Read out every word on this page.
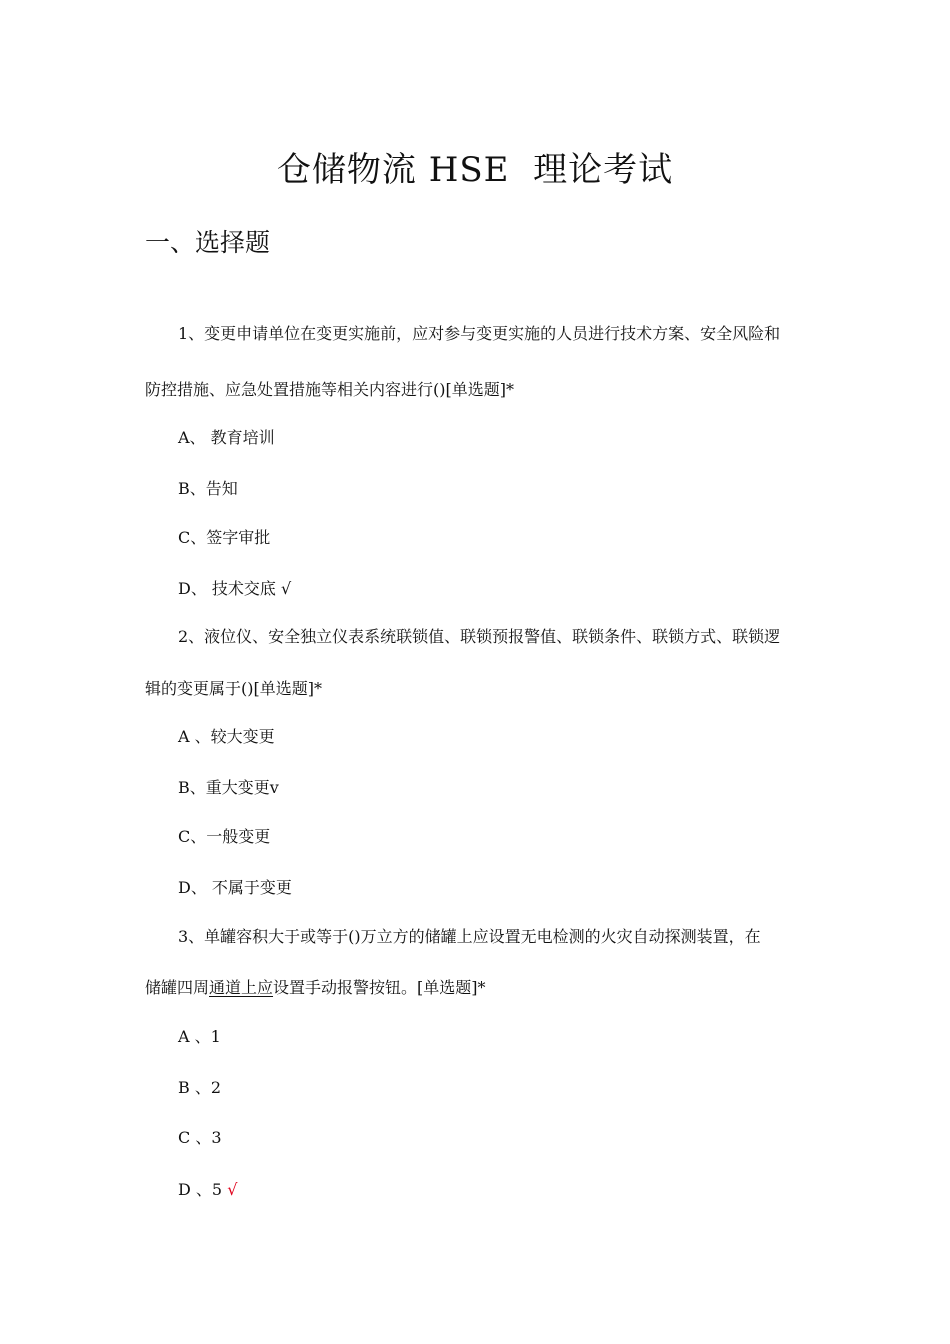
仓储物流 HSE  理论考试
一、选择题
1、变更申请单位在变更实施前，应对参与变更实施的人员进行技术方案、安全风险和
防控措施、应急处置措施等相关内容进行()[单选题]*
A、 教育培训
B、告知
C、签字审批
D、 技术交底 √
2、液位仪、安全独立仪表系统联锁值、联锁预报警值、联锁条件、联锁方式、联锁逻
辑的变更属于()[单选题]*
A 、较大变更
B、重大变更v
C、一般变更
D、 不属于变更
3、单罐容积大于或等于()万立方的储罐上应设置无电检测的火灾自动探测装置，在
储罐四周通道上应设置手动报警按钮。[单选题]*
A 、1
B 、2
C 、3
D 、5 √
